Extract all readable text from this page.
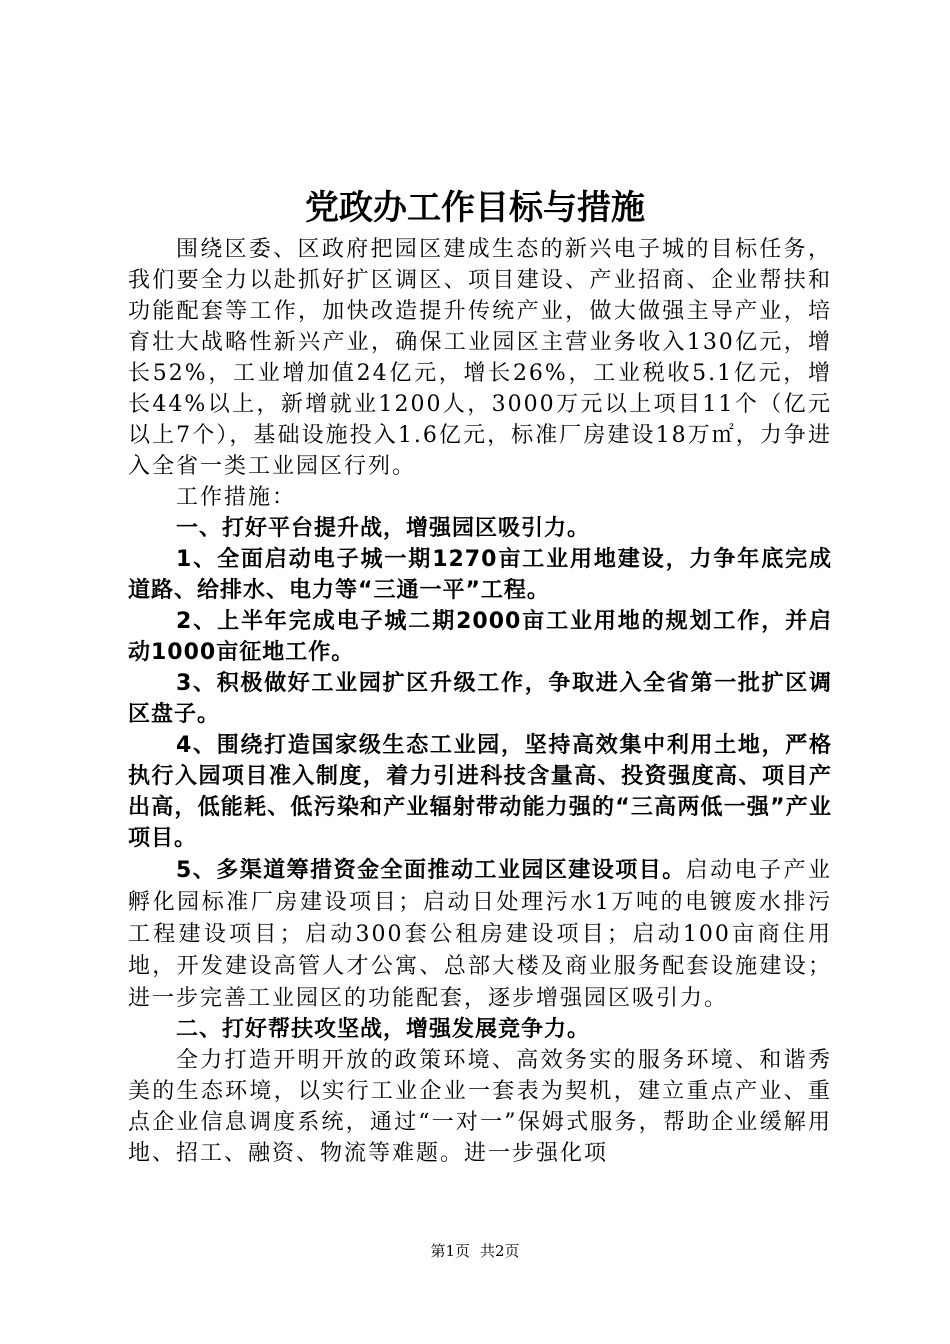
党政办工作目标与措施

围绕区委、区政府把园区建成生态的新兴电子城的目标任务，我们要全力以赴抓好扩区调区、项目建设、产业招商、企业帮扶和功能配套等工作，加快改造提升传统产业，做大做强主导产业，培育壮大战略性新兴产业，确保工业园区主营业务收入130亿元，增长52%，工业增加值24亿元，增长26%，工业税收5.1亿元，增长44%以上，新增就业1200人，3000万元以上项目11个（亿元以上7个），基础设施投入1.6亿元，标准厂房建设18万㎡，力争进入全省一类工业园区行列。

工作措施：

一、打好平台提升战，增强园区吸引力。

1、全面启动电子城一期1270亩工业用地建设，力争年底完成道路、给排水、电力等“三通一平”工程。

2、上半年完成电子城二期2000亩工业用地的规划工作，并启动1000亩征地工作。

3、积极做好工业园扩区升级工作，争取进入全省第一批扩区调区盘子。

4、围绕打造国家级生态工业园，坚持高效集中利用土地，严格执行入园项目准入制度，着力引进科技含量高、投资强度高、项目产出高，低能耗、低污染和产业辐射带动能力强的“三高两低一强”产业项目。

5、多渠道筹措资金全面推动工业园区建设项目。启动电子产业孵化园标准厂房建设项目；启动日处理污水1万吨的电镀废水排污工程建设项目；启动300套公租房建设项目；启动100亩商住用地，开发建设高管人才公寓、总部大楼及商业服务配套设施建设；进一步完善工业园区的功能配套，逐步增强园区吸引力。

二、打好帮扶攻坚战，增强发展竞争力。

全力打造开明开放的政策环境、高效务实的服务环境、和谐秀美的生态环境，以实行工业企业一套表为契机，建立重点产业、重点企业信息调度系统，通过“一对一”保姆式服务，帮助企业缓解用地、招工、融资、物流等难题。进一步强化项

第1页 共2页
